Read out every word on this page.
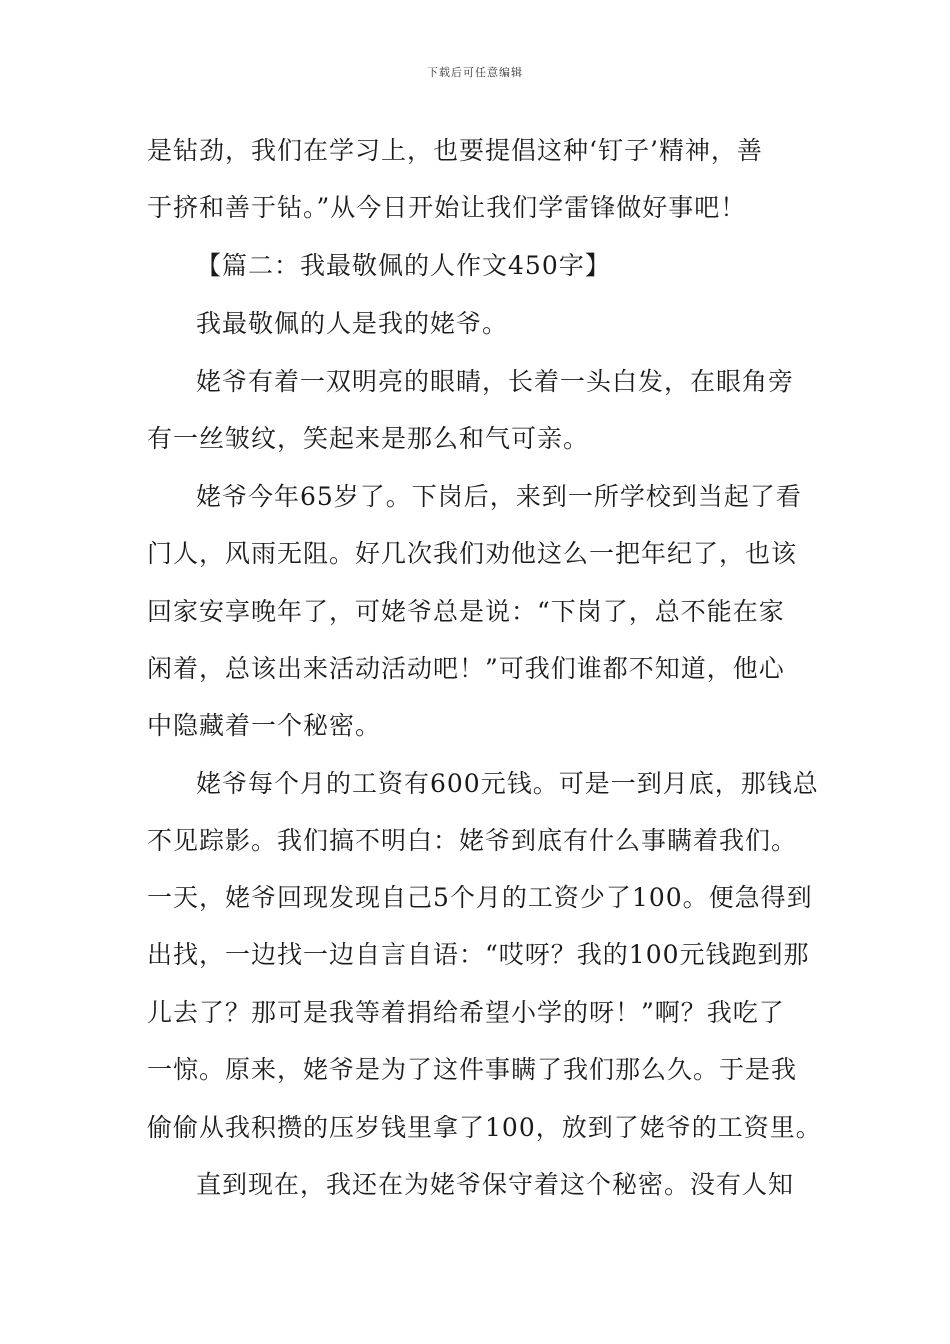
下载后可任意编辑
是钻劲，我们在学习上，也要提倡这种‘钉子’精神，善
于挤和善于钻。”从今日开始让我们学雷锋做好事吧！
【篇二：我最敬佩的人作文450字】
我最敬佩的人是我的姥爷。
姥爷有着一双明亮的眼睛，长着一头白发，在眼角旁
有一丝皱纹，笑起来是那么和气可亲。
姥爷今年65岁了。下岗后，来到一所学校到当起了看
门人，风雨无阻。好几次我们劝他这么一把年纪了，也该
回家安享晚年了，可姥爷总是说：“下岗了，总不能在家
闲着，总该出来活动活动吧！”可我们谁都不知道，他心
中隐藏着一个秘密。
姥爷每个月的工资有600元钱。可是一到月底，那钱总
不见踪影。我们搞不明白：姥爷到底有什么事瞒着我们。
一天，姥爷回现发现自己5个月的工资少了100。便急得到
出找，一边找一边自言自语：“哎呀？我的100元钱跑到那
儿去了？那可是我等着捐给希望小学的呀！”啊？我吃了
一惊。原来，姥爷是为了这件事瞒了我们那么久。于是我
偷偷从我积攒的压岁钱里拿了100，放到了姥爷的工资里。
直到现在，我还在为姥爷保守着这个秘密。没有人知
